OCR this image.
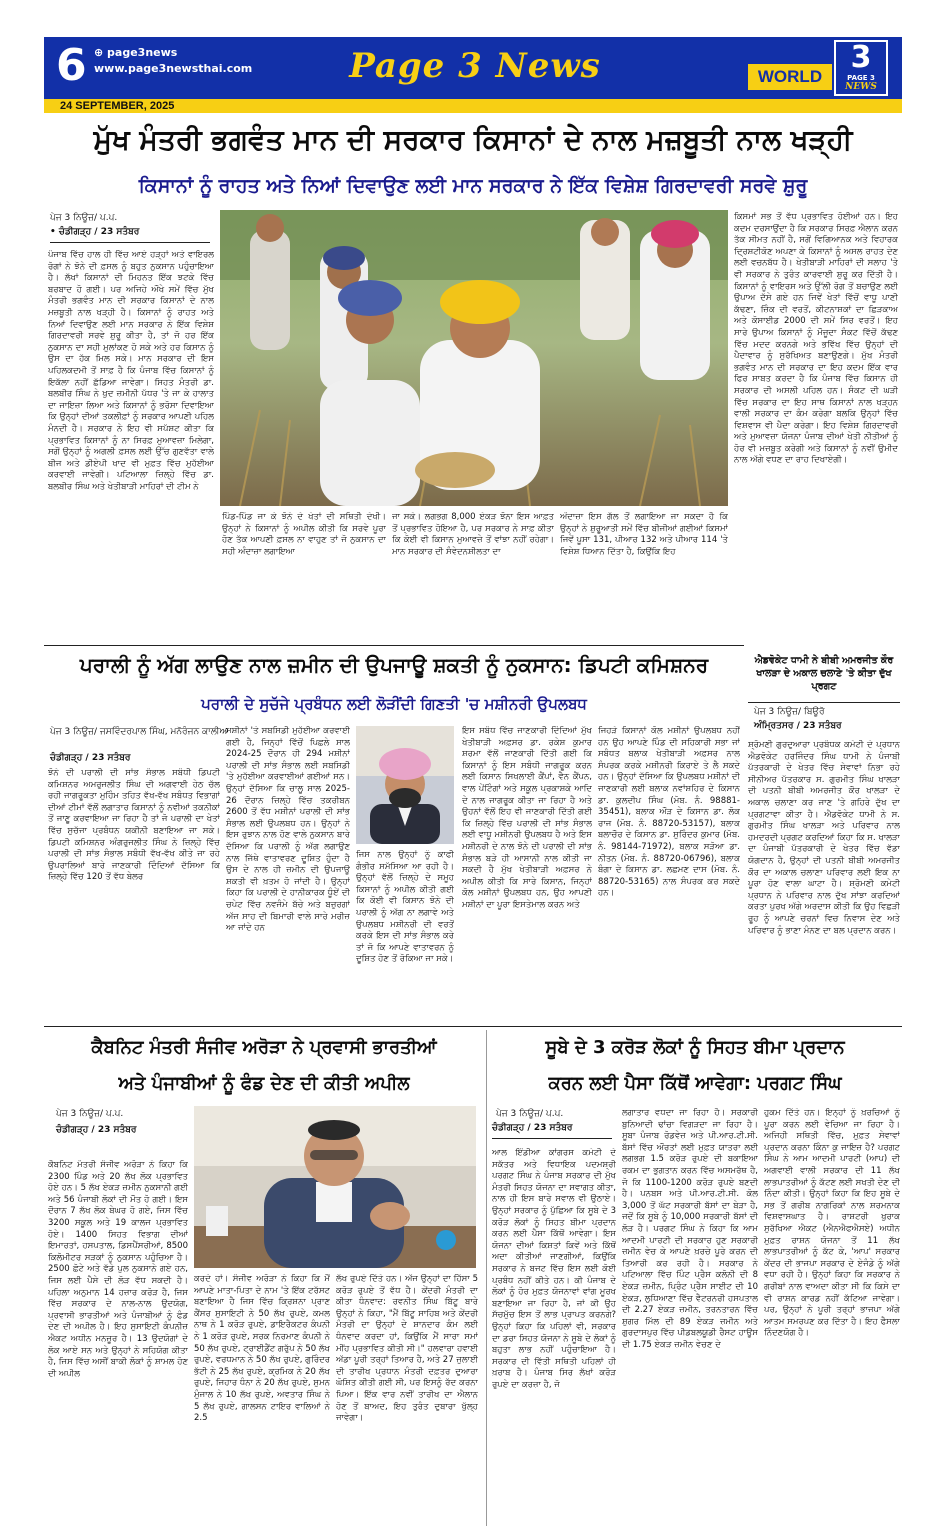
6 ⊕ page3news
www.page3newsthai.com	Page 3 News	WORLD
3
PAGE 3
NEWS
24 SEPTEMBER, 2025
ਮੁੱਖ ਮੰਤਰੀ ਭਗਵੰਤ ਮਾਨ ਦੀ ਸਰਕਾਰ ਕਿਸਾਨਾਂ ਦੇ ਨਾਲ ਮਜ਼ਬੂਤੀ ਨਾਲ ਖੜ੍ਹੀ
ਕਿਸਾਨਾਂ ਨੂੰ ਰਾਹਤ ਅਤੇ ਨਿਆਂ ਦਿਵਾਉਣ ਲਈ ਮਾਨ ਸਰਕਾਰ ਨੇ ਇੱਕ ਵਿਸ਼ੇਸ਼ ਗਿਰਦਾਵਰੀ ਸਰਵੇ ਸ਼ੁਰੂ
ਪੇਜ 3 ਨਿਊਜ਼/ ਪ.ਪ.
• ਚੰਡੀਗੜ੍ਹ / 23 ਸਤੰਬਰ
ਪੰਜਾਬ ਵਿੱਚ ਹਾਲ ਹੀ ਵਿੱਚ ਆਏ ਹੜ੍ਹਾਂ ਅਤੇ ਵਾਇਰਲ ਰੋਗਾਂ ਨੇ ਝੋਨੇ ਦੀ ਫ਼ਸਲ ਨੂੰ ਬਹੁਤ ਨੁਕਸਾਨ ਪਹੁੰਚਾਇਆ ਹੈ। ਲੱਖਾਂ ਕਿਸਾਨਾਂ ਦੀ ਮਿਹਨਤ ਇੱਕ ਝਟਕੇ ਵਿੱਚ ਬਰਬਾਦ ਹੋ ਗਈ। ਪਰ ਅਜਿਹੇ ਔਖੇ ਸਮੇਂ ਵਿੱਚ ਮੁੱਖ ਮੰਤਰੀ ਭਗਵੰਤ ਮਾਨ ਦੀ ਸਰਕਾਰ ਕਿਸਾਨਾਂ ਦੇ ਨਾਲ ਮਜ਼ਬੂਤੀ ਨਾਲ ਖੜ੍ਹੀ ਹੈ। ਕਿਸਾਨਾਂ ਨੂੰ ਰਾਹਤ ਅਤੇ ਨਿਆਂ ਦਿਵਾਉਣ ਲਈ ਮਾਨ ਸਰਕਾਰ ਨੇ ਇੱਕ ਵਿਸ਼ੇਸ਼ ਗਿਰਦਾਵਰੀ ਸਰਵੇ ਸ਼ੁਰੂ ਕੀਤਾ ਹੈ, ਤਾਂ ਜੋ ਹਰ ਇੱਕ ਨੁਕਸਾਨ ਦਾ ਸਹੀ ਮੁਲਾਂਕਣ ਹੋ ਸਕੇ ਅਤੇ ਹਰ ਕਿਸਾਨ ਨੂੰ ਉਸ ਦਾ ਹੱਕ ਮਿਲ ਸਕੇ। ਮਾਨ ਸਰਕਾਰ ਦੀ ਇਸ ਪਹਿਲਕਦਮੀ ਤੋਂ ਸਾਫ਼ ਹੈ ਕਿ ਪੰਜਾਬ ਵਿੱਚ ਕਿਸਾਨਾਂ ਨੂੰ ਇਕੱਲਾ ਨਹੀਂ ਛੱਡਿਆ ਜਾਵੇਗਾ। ਸਿਹਤ ਮੰਤਰੀ ਡਾ. ਬਲਬੀਰ ਸਿੰਘ ਨੇ ਖੁਦ ਜ਼ਮੀਨੀ ਪੱਧਰ 'ਤੇ ਜਾ ਕੇ ਹਾਲਾਤ ਦਾ ਜਾਇਜ਼ਾ ਲਿਆ ਅਤੇ ਕਿਸਾਨਾਂ ਨੂੰ ਭਰੋਸਾ ਦਿਵਾਇਆ ਕਿ ਉਨ੍ਹਾਂ ਦੀਆਂ ਤਕਲੀਫ਼ਾਂ ਨੂੰ ਸਰਕਾਰ ਆਪਣੀ ਪਹਿਲ ਮੰਨਦੀ ਹੈ। ਸਰਕਾਰ ਨੇ ਇਹ ਵੀ ਸਪੱਸ਼ਟ ਕੀਤਾ ਕਿ ਪ੍ਰਭਾਵਿਤ ਕਿਸਾਨਾਂ ਨੂੰ ਨਾ ਸਿਰਫ਼ ਮੁਆਵਜ਼ਾ ਮਿਲੇਗਾ, ਸਗੋਂ ਉਨ੍ਹਾਂ ਨੂੰ ਅਗਲੀ ਫ਼ਸਲ ਲਈ ਉੱਚ ਗੁਣਵੱਤਾ ਵਾਲੇ ਬੀਜ ਅਤੇ ਡੀਏਪੀ ਖਾਦ ਵੀ ਮੁਫ਼ਤ ਵਿੱਚ ਮੁਹੱਈਆ ਕਰਵਾਈ ਜਾਵੇਗੀ। ਪਟਿਆਲਾ ਜ਼ਿਲ੍ਹੇ ਵਿੱਚ ਡਾ. ਬਲਬੀਰ ਸਿੰਘ ਅਤੇ ਖੇਤੀਬਾੜੀ ਮਾਹਿਰਾਂ ਦੀ ਟੀਮ ਨੇ
ਪਿੰਡ-ਪਿੰਡ ਜਾ ਕੇ ਝੋਨੇ ਦੇ ਖੇਤਾਂ ਦੀ ਸਥਿਤੀ ਦੇਖੀ। ਉਨ੍ਹਾਂ ਨੇ ਕਿਸਾਨਾਂ ਨੂੰ ਅਪੀਲ ਕੀਤੀ ਕਿ ਸਰਵੇ ਪੂਰਾ ਹੋਣ ਤੱਕ ਆਪਣੀ ਫ਼ਸਲ ਨਾ ਵਾਹੁਣ ਤਾਂ ਜੋ ਨੁਕਸਾਨ ਦਾ ਸਹੀ ਅੰਦਾਜ਼ਾ ਲਗਾਇਆ
ਜਾ ਸਕੇ। ਲਗਭਗ 8,000 ਏਕੜ ਝੋਨਾ ਇਸ ਆਫ਼ਤ ਤੋਂ ਪ੍ਰਭਾਵਿਤ ਹੋਇਆ ਹੈ, ਪਰ ਸਰਕਾਰ ਨੇ ਸਾਫ਼ ਕੀਤਾ ਕਿ ਕੋਈ ਵੀ ਕਿਸਾਨ ਮੁਆਵਜ਼ੇ ਤੋਂ ਵਾਂਝਾ ਨਹੀਂ ਰਹੇਗਾ। ਮਾਨ ਸਰਕਾਰ ਦੀ ਸੰਵੇਦਨਸ਼ੀਲਤਾ ਦਾ
ਅੰਦਾਜ਼ਾ ਇਸ ਗੱਲ ਤੋਂ ਲਗਾਇਆ ਜਾ ਸਕਦਾ ਹੈ ਕਿ ਉਨ੍ਹਾਂ ਨੇ ਸ਼ੁਰੂਆਤੀ ਸਮੇਂ ਵਿੱਚ ਬੀਜੀਆਂ ਗਈਆਂ ਕਿਸਮਾਂ ਜਿਵੇਂ ਪੂਸਾ 131, ਪੀਆਰ 132 ਅਤੇ ਪੀਆਰ 114 'ਤੇ ਵਿਸ਼ੇਸ਼ ਧਿਆਨ ਦਿੱਤਾ ਹੈ, ਕਿਉਂਕਿ ਇਹ
ਕਿਸਮਾਂ ਸਭ ਤੋਂ ਵੱਧ ਪ੍ਰਭਾਵਿਤ ਹੋਈਆਂ ਹਨ। ਇਹ ਕਦਮ ਦਰਸਾਉਂਦਾ ਹੈ ਕਿ ਸਰਕਾਰ ਸਿਰਫ਼ ਐਲਾਨ ਕਰਨ ਤੱਕ ਸੀਮਤ ਨਹੀਂ ਹੈ, ਸਗੋਂ ਵਿਗਿਆਨਕ ਅਤੇ ਵਿਹਾਰਕ ਦ੍ਰਿਸ਼ਟੀਕੋਣ ਅਪਣਾ ਕੇ ਕਿਸਾਨਾਂ ਨੂੰ ਅਸਲ ਰਾਹਤ ਦੇਣ ਲਈ ਵਚਨਬੱਧ ਹੈ। ਖੇਤੀਬਾੜੀ ਮਾਹਿਰਾਂ ਦੀ ਸਲਾਹ 'ਤੇ ਵੀ ਸਰਕਾਰ ਨੇ ਤੁਰੰਤ ਕਾਰਵਾਈ ਸ਼ੁਰੂ ਕਰ ਦਿੱਤੀ ਹੈ। ਕਿਸਾਨਾਂ ਨੂੰ ਵਾਇਰਸ ਅਤੇ ਉੱਲੀ ਰੋਗ ਤੋਂ ਬਚਾਉਣ ਲਈ ਉਪਾਅ ਦੱਸੇ ਗਏ ਹਨ ਜਿਵੇਂ ਖੇਤਾਂ ਵਿੱਚੋਂ ਵਾਧੂ ਪਾਣੀ ਕੱਢਣਾ, ਜ਼ਿੰਕ ਦੀ ਵਰਤੋਂ, ਕੀਟਨਾਸ਼ਕਾਂ ਦਾ ਛਿੜਕਾਅ ਅਤੇ ਕੋਸਾਈਡ 2000 ਦੀ ਸਮੇਂ ਸਿਰ ਵਰਤੋਂ। ਇਹ ਸਾਰੇ ਉਪਾਅ ਕਿਸਾਨਾਂ ਨੂੰ ਮੌਜੂਦਾ ਸੰਕਟ ਵਿੱਚੋਂ ਕੱਢਣ ਵਿੱਚ ਮਦਦ ਕਰਨਗੇ ਅਤੇ ਭਵਿੱਖ ਵਿੱਚ ਉਨ੍ਹਾਂ ਦੀ ਪੈਦਾਵਾਰ ਨੂੰ ਸੁਰੱਖਿਅਤ ਬਣਾਉਣਗੇ। ਮੁੱਖ ਮੰਤਰੀ ਭਗਵੰਤ ਮਾਨ ਦੀ ਸਰਕਾਰ ਦਾ ਇਹ ਕਦਮ ਇੱਕ ਵਾਰ ਫਿਰ ਸਾਬਤ ਕਰਦਾ ਹੈ ਕਿ ਪੰਜਾਬ ਵਿੱਚ ਕਿਸਾਨ ਹੀ ਸਰਕਾਰ ਦੀ ਅਸਲੀ ਪਹਿਲ ਹਨ। ਸੰਕਟ ਦੀ ਘੜੀ ਵਿੱਚ ਸਰਕਾਰ ਦਾ ਇਹ ਸਾਥ ਕਿਸਾਨਾਂ ਨਾਲ ਖੜ੍ਹਨ ਵਾਲੀ ਸਰਕਾਰ ਦਾ ਕੰਮ ਕਰੇਗਾ ਬਲਕਿ ਉਨ੍ਹਾਂ ਵਿੱਚ ਵਿਸ਼ਵਾਸ ਵੀ ਪੈਦਾ ਕਰੇਗਾ। ਇਹ ਵਿਸ਼ੇਸ਼ ਗਿਰਦਾਵਰੀ ਅਤੇ ਮੁਆਵਜ਼ਾ ਯੋਜਨਾ ਪੰਜਾਬ ਦੀਆਂ ਖੇਤੀ ਨੀਤੀਆਂ ਨੂੰ ਹੋਰ ਵੀ ਮਜ਼ਬੂਤ ਕਰੇਗੀ ਅਤੇ ਕਿਸਾਨਾਂ ਨੂੰ ਨਵੀਂ ਉਮੀਦ ਨਾਲ ਅੱਗੇ ਵਧਣ ਦਾ ਰਾਹ ਦਿਖਾਏਗੀ।
ਪਰਾਲੀ ਨੂੰ ਅੱਗ ਲਾਉਣ ਨਾਲ ਜ਼ਮੀਨ ਦੀ ਉਪਜਾਊ ਸ਼ਕਤੀ ਨੂੰ ਨੁਕਸਾਨ: ਡਿਪਟੀ ਕਮਿਸ਼ਨਰ
ਪਰਾਲੀ ਦੇ ਸੁਚੱਜੇ ਪ੍ਰਬੰਧਨ ਲਈ ਲੋੜੀਂਦੀ ਗਿਣਤੀ 'ਚ ਮਸ਼ੀਨਰੀ ਉਪਲਬਧ
ਪੇਜ 3 ਨਿਊਜ਼/ ਜਸਵਿੰਦਰਪਾਲ ਸਿੰਘ, ਮਨੋਰੰਜਨ ਕਾਲੀਆ
ਚੰਡੀਗੜ੍ਹ / 23 ਸਤੰਬਰ
ਝੋਨੇ ਦੀ ਪਰਾਲੀ ਦੀ ਸਾਂਭ ਸੰਭਾਲ ਸਬੰਧੀ ਡਿਪਟੀ ਕਮਿਸ਼ਨਰ ਅਮਰੁਜਲੀਤ ਸਿੰਘ ਦੀ ਅਗਵਾਈ ਹੇਠ ਚੱਲ ਰਹੀ ਜਾਗਰੂਕਤਾ ਮੁਹਿੰਮ ਤਹਿਤ ਵੱਖ-ਵੱਖ ਸਬੰਧਤ ਵਿਭਾਗਾਂ ਦੀਆਂ ਟੀਮਾਂ ਵੱਲੋਂ ਲਗਾਤਾਰ ਕਿਸਾਨਾਂ ਨੂੰ ਨਵੀਆਂ ਤਕਨੀਕਾਂ ਤੋਂ ਜਾਣੂ ਕਰਵਾਇਆ ਜਾ ਰਿਹਾ ਹੈ ਤਾਂ ਜੋ ਪਰਾਲੀ ਦਾ ਖੇਤਾਂ ਵਿੱਚ ਸੁਚੱਜਾ ਪ੍ਰਬੰਧਨ ਯਕੀਨੀ ਬਣਾਇਆ ਜਾ ਸਕੇ। ਡਿਪਟੀ ਕਮਿਸ਼ਨਰ ਅੰਗਰੁਜਲੀਤ ਸਿੰਘ ਨੇ ਜ਼ਿਲ੍ਹੇ ਵਿੱਚ ਪਰਾਲੀ ਦੀ ਸਾਂਭ ਸੰਭਾਲ ਸਬੰਧੀ ਵੱਖ-ਵੱਖ ਕੀਤੇ ਜਾ ਰਹੇ ਉਪਰਾਲਿਆਂ ਬਾਰੇ ਜਾਣਕਾਰੀ ਦਿੰਦਿਆਂ ਦੱਸਿਆ ਕਿ ਜ਼ਿਲ੍ਹੇ ਵਿੱਚ 120 ਤੋਂ ਵੱਧ ਬੇਲਰ
ਮਸ਼ੀਨਾਂ 'ਤੇ ਸਬਸਿਡੀ ਮੁਹੱਈਆ ਕਰਵਾਈ ਗਈ ਹੈ, ਜਿਨ੍ਹਾਂ ਵਿੱਚੋਂ ਪਿਛਲੇ ਸਾਲ 2024-25 ਦੌਰਾਨ ਹੀ 294 ਮਸ਼ੀਨਾਂ ਪਰਾਲੀ ਦੀ ਸਾਂਭ ਸੰਭਾਲ ਲਈ ਸਬਸਿਡੀ 'ਤੇ ਮੁਹੱਈਆ ਕਰਵਾਈਆਂ ਗਈਆਂ ਸਨ। ਉਨ੍ਹਾਂ ਦੱਸਿਆ ਕਿ ਚਾਲੂ ਸਾਲ 2025-26 ਦੌਰਾਨ ਜ਼ਿਲ੍ਹੇ ਵਿੱਚ ਤਕਰੀਬਨ 2600 ਤੋਂ ਵੱਧ ਮਸ਼ੀਨਾਂ ਪਰਾਲੀ ਦੀ ਸਾਂਭ ਸੰਭਾਲ ਲਈ ਉਪਲਬਧ ਹਨ। ਉਨ੍ਹਾਂ ਨੇ ਇਸ ਰੁਝਾਨ ਨਾਲ ਹੋਣ ਵਾਲੇ ਨੁਕਸਾਨ ਬਾਰੇ ਦੱਸਿਆ ਕਿ ਪਰਾਲੀ ਨੂੰ ਅੱਗ ਲਗਾਉਣ ਨਾਲ ਜਿੱਥੇ ਵਾਤਾਵਰਣ ਦੂਸ਼ਿਤ ਹੁੰਦਾ ਹੈ ਉਸ ਦੇ ਨਾਲ ਹੀ ਜ਼ਮੀਨ ਦੀ ਉਪਜਾਊ ਸ਼ਕਤੀ ਵੀ ਖ਼ਤਮ ਹੋ ਜਾਂਦੀ ਹੈ। ਉਨ੍ਹਾਂ ਕਿਹਾ ਕਿ ਪਰਾਲੀ ਦੇ ਹਾਨੀਕਾਰਕ ਧੂੰਏਂ ਦੀ ਚਪੇਟ ਵਿੱਚ ਨਵਜੰਮੇ ਬੱਚੇ ਅਤੇ ਬਜ਼ੁਰਗਾਂ ਅੱਜ ਸਾਹ ਦੀ ਬਿਮਾਰੀ ਵਾਲੇ ਸਾਰੇ ਮਰੀਜ਼ ਆ ਜਾਂਦੇ ਹਨ
ਜਿਸ ਨਾਲ ਉਨ੍ਹਾਂ ਨੂੰ ਕਾਫੀ ਗੰਭੀਰ ਸਮੱਸਿਆ ਆ ਰਹੀ ਹੈ। ਉਨ੍ਹਾਂ ਵੱਲੋਂ ਜ਼ਿਲ੍ਹੇ ਦੇ ਸਮੂਹ ਕਿਸਾਨਾਂ ਨੂੰ ਅਪੀਲ ਕੀਤੀ ਗਈ ਕਿ ਕੋਈ ਵੀ ਕਿਸਾਨ ਝੋਨੇ ਦੀ ਪਰਾਲੀ ਨੂੰ ਅੱਗ ਨਾ ਲਗਾਵੇ ਅਤੇ ਉਪਲਬਧ ਮਸ਼ੀਨਰੀ ਦੀ ਵਰਤੋਂ ਕਰਕੇ ਇਸ ਦੀ ਸਾਂਭ ਸੰਭਾਲ ਕਰੇ ਤਾਂ ਜੋ ਕਿ ਆਪਣੇ ਵਾਤਾਵਰਨ ਨੂੰ ਦੂਸ਼ਿਤ ਹੋਣ ਤੋਂ ਰੋਕਿਆ ਜਾ ਸਕੇ।
ਇਸ ਸਬੰਧ ਵਿੱਚ ਜਾਣਕਾਰੀ ਦਿੰਦਿਆਂ ਮੁੱਖ ਖੇਤੀਬਾੜੀ ਅਫ਼ਸਰ ਡਾ. ਰਕੇਸ਼ ਕੁਮਾਰ ਸ਼ਰਮਾ ਵੱਲੋਂ ਜਾਣਕਾਰੀ ਦਿੱਤੀ ਗਈ ਕਿ ਕਿਸਾਨਾਂ ਨੂੰ ਇਸ ਸਬੰਧੀ ਜਾਗਰੂਕ ਕਰਨ ਲਈ ਕਿਸਾਨ ਸਿਖਲਾਈ ਕੈਂਪਾਂ, ਵੈਨ ਕੈਂਪਨ, ਵਾਲ ਪੇਂਟਿੰਗਾਂ ਅਤੇ ਸਕੂਲ ਪ੍ਰਕਾਸ਼ਕੇ ਆਦਿ ਦੇ ਨਾਲ ਜਾਗਰੂਕ ਕੀਤਾ ਜਾ ਰਿਹਾ ਹੈ ਅਤੇ ਉਹਨਾਂ ਵੱਲੋਂ ਇਹ ਵੀ ਜਾਣਕਾਰੀ ਦਿੱਤੀ ਗਈ ਕਿ ਜ਼ਿਲ੍ਹੇ ਵਿੱਚ ਪਰਾਲੀ ਦੀ ਸਾਂਭ ਸੰਭਾਲ ਲਈ ਵਾਧੂ ਮਸ਼ੀਨਰੀ ਉਪਲਬਧ ਹੈ ਅਤੇ ਇਸ ਮਸ਼ੀਨਰੀ ਦੇ ਨਾਲ ਝੋਨੇ ਦੀ ਪਰਾਲੀ ਦੀ ਸਾਂਭ ਸੰਭਾਲ ਬੜੇ ਹੀ ਆਸਾਨੀ ਨਾਲ ਕੀਤੀ ਜਾ ਸਕਦੀ ਹੈ ਮੁੱਖ ਖੇਤੀਬਾੜੀ ਅਫ਼ਸਰ ਨੇ ਅਪੀਲ ਕੀਤੀ ਕਿ ਸਾਰੇ ਕਿਸਾਨ, ਜਿਨ੍ਹਾਂ ਕੋਲ ਮਸ਼ੀਨਾਂ ਉਪਲਬਧ ਹਨ, ਉਹ ਆਪਣੀ ਮਸ਼ੀਨਾਂ ਦਾ ਪੂਰਾ ਇਸਤੇਮਾਲ ਕਰਨ ਅਤੇ
ਜਿਹੜੇ ਕਿਸਾਨਾਂ ਕੋਲ ਮਸ਼ੀਨਾਂ ਉਪਲਬਧ ਨਹੀਂ ਹਨ ਉਹ ਆਪਣੇ ਪਿੰਡ ਦੀ ਸਹਿਕਾਰੀ ਸਭਾ ਜਾਂ ਸਬੰਧਤ ਬਲਾਕ ਖੇਤੀਬਾੜੀ ਅਫ਼ਸਰ ਨਾਲ ਸੰਪਰਕ ਕਰਕੇ ਮਸ਼ੀਨਰੀ ਕਿਰਾਏ ਤੇ ਲੈ ਸਕਦੇ ਹਨ। ਉਨ੍ਹਾਂ ਦੱਸਿਆ ਕਿ ਉਪਲਬਧ ਮਸ਼ੀਨਾਂ ਦੀ ਜਾਣਕਾਰੀ ਲਈ ਬਲਾਕ ਨਵਾਂਸ਼ਹਿਰ ਦੇ ਕਿਸਾਨ ਡਾ. ਕੁਲਦੀਪ ਸਿੰਘ (ਮੋਬ. ਨੰ. 98881-35451), ਬਲਾਕ ਔੜ ਦੇ ਕਿਸਾਨ ਡਾ. ਲੋਕ ਰਾਜ (ਮੋਬ. ਨੰ. 88720-53157), ਬਲਾਕ ਬਲਾਚੌਰ ਦੇ ਕਿਸਾਨ ਡਾ. ਸੁਰਿੰਦਰ ਕੁਮਾਰ (ਮੋਬ. ਨੰ. 98144-71972), ਬਲਾਕ ਸੜੋਆ ਡਾ. ਨੀਤਨ (ਮੋਬ. ਨੰ. 88720-06796), ਬਲਾਕ ਬੰਗਾ ਦੇ ਕਿਸਾਨ ਡਾ. ਲਛਮਣ ਦਾਸ (ਮੋਬ. ਨੰ. 88720-53165) ਨਾਲ ਸੰਪਰਕ ਕਰ ਸਕਦੇ ਹਨ।
ਐਡਵੋਕੇਟ ਧਾਮੀ ਨੇ ਬੀਬੀ ਅਮਰਜੀਤ ਕੌਰ ਖਾਲੜਾ ਦੇ ਅਕਾਲ ਚਲਾਣੇ 'ਤੇ ਕੀਤਾ ਦੁੱਖ ਪ੍ਰਗਟ
ਪੇਜ 3 ਨਿਊਜ਼/ ਬਿਊਰੋ
ਅੰਮ੍ਰਿਤਸਰ / 23 ਸਤੰਬਰ
ਸ਼੍ਰੋਮਣੀ ਗੁਰਦੁਆਰਾ ਪ੍ਰਬੰਧਕ ਕਮੇਟੀ ਦੇ ਪ੍ਰਧਾਨ ਐਡਵੋਕੇਟ ਹਰਜਿੰਦਰ ਸਿੰਘ ਧਾਮੀ ਨੇ ਪੰਜਾਬੀ ਪੱਤਰਕਾਰੀ ਦੇ ਖੇਤਰ ਵਿੱਚ ਸੇਵਾਵਾਂ ਨਿਭਾ ਰਹੇ ਸੀਨੀਅਰ ਪੱਤਰਕਾਰ ਸ. ਗੁਰਮੀਤ ਸਿੰਘ ਖਾਲੜਾ ਦੀ ਪਤਨੀ ਬੀਬੀ ਅਮਰਜੀਤ ਕੌਰ ਖਾਲੜਾ ਦੇ ਅਕਾਲ ਚਲਾਣਾ ਕਰ ਜਾਣ 'ਤੇ ਗਹਿਰੇ ਦੁੱਖ ਦਾ ਪ੍ਰਗਟਾਵਾ ਕੀਤਾ ਹੈ। ਐਡਵੋਕੇਟ ਧਾਮੀ ਨੇ ਸ. ਗੁਰਮੀਤ ਸਿੰਘ ਖਾਲੜਾ ਅਤੇ ਪਰਿਵਾਰ ਨਾਲ ਹਮਦਰਦੀ ਪ੍ਰਗਟ ਕਰਦਿਆਂ ਕਿਹਾ ਕਿ ਸ. ਖਾਲੜਾ ਦਾ ਪੰਜਾਬੀ ਪੱਤਰਕਾਰੀ ਦੇ ਖੇਤਰ ਵਿੱਚ ਵੱਡਾ ਯੋਗਦਾਨ ਹੈ, ਉਨ੍ਹਾਂ ਦੀ ਪਤਨੀ ਬੀਬੀ ਅਮਰਜੀਤ ਕੌਰ ਦਾ ਅਕਾਲ ਚਲਾਣਾ ਪਰਿਵਾਰ ਲਈ ਇਕ ਨਾ ਪੂਰਾ ਹੋਣ ਵਾਲਾ ਘਾਟਾ ਹੈ। ਸ਼੍ਰੋਮਣੀ ਕਮੇਟੀ ਪ੍ਰਧਾਨ ਨੇ ਪਰਿਵਾਰ ਨਾਲ ਦੁੱਖ ਸਾਂਝਾ ਕਰਦਿਆਂ ਕਰਤਾ ਪੁਰਖ ਅੱਗੇ ਅਰਦਾਸ ਕੀਤੀ ਕਿ ਉਹ ਵਿਛੜੀ ਰੂਹ ਨੂੰ ਆਪਣੇ ਚਰਨਾਂ ਵਿਚ ਨਿਵਾਸ ਦੇਣ ਅਤੇ ਪਰਿਵਾਰ ਨੂੰ ਭਾਣਾ ਮੰਨਣ ਦਾ ਬਲ ਪ੍ਰਦਾਨ ਕਰਨ।
ਕੈਬਨਿਟ ਮੰਤਰੀ ਸੰਜੀਵ ਅਰੋੜਾ ਨੇ ਪ੍ਰਵਾਸੀ ਭਾਰਤੀਆਂ
ਅਤੇ ਪੰਜਾਬੀਆਂ ਨੂੰ ਫੰਡ ਦੇਣ ਦੀ ਕੀਤੀ ਅਪੀਲ
ਪੇਜ 3 ਨਿਊਜ਼/ ਪ.ਪ.
ਚੰਡੀਗੜ੍ਹ / 23 ਸਤੰਬਰ
ਕੈਬਨਿਟ ਮੰਤਰੀ ਸੰਜੀਵ ਅਰੋੜਾ ਨੇ ਕਿਹਾ ਕਿ 2300 ਪਿੰਡ ਅਤੇ 20 ਲੱਖ ਲੋਕ ਪ੍ਰਭਾਵਿਤ ਹੋਏ ਹਨ। 5 ਲੱਖ ਏਕੜ ਜ਼ਮੀਨ ਨੁਕਸਾਨੀ ਗਈ ਅਤੇ 56 ਪੰਜਾਬੀ ਲੋਕਾਂ ਦੀ ਮੌਤ ਹੋ ਗਈ। ਇਸ ਦੌਰਾਨ 7 ਲੱਖ ਲੋਕ ਬੇਘਰ ਹੋ ਗਏ, ਜਿਸ ਵਿੱਚ 3200 ਸਕੂਲ ਅਤੇ 19 ਕਾਲਜ ਪ੍ਰਭਾਵਿਤ ਹੋਏ। 1400 ਸਿਹਤ ਵਿਭਾਗ ਦੀਆਂ ਇਮਾਰਤਾਂ, ਹਸਪਤਾਲ, ਡਿਸਪੈਂਸਰੀਆਂ, 8500 ਕਿਲੋਮੀਟਰ ਸੜਕਾਂ ਨੂੰ ਨੁਕਸਾਨ ਪਹੁੰਚਿਆ ਹੈ। 2500 ਛੋਟੇ ਅਤੇ ਵੱਡੇ ਪੁਲ ਨੁਕਸਾਨੇ ਗਏ ਹਨ, ਜਿਸ ਲਈ ਪੈਸੇ ਦੀ ਲੋੜ ਵੱਧ ਸਕਦੀ ਹੈ। ਪਹਿਲਾ ਅਨੁਮਾਨ 14 ਹਜ਼ਾਰ ਕਰੋੜ ਹੈ, ਜਿਸ ਵਿੱਚ ਸਰਕਾਰ ਦੇ ਨਾਲ-ਨਾਲ ਉਦਯੋਗ, ਪ੍ਰਵਾਸੀ ਭਾਰਤੀਆਂ ਅਤੇ ਪੰਜਾਬੀਆਂ ਨੂੰ ਫੰਡ ਦੇਣ ਦੀ ਅਪੀਲ ਹੈ। ਇਹ ਸੁਸਾਇਟੀ ਕੰਪਨੀਜ਼ ਐਕਟ ਅਧੀਨ ਮਨਜ਼ੂਰ ਹੈ। 13 ਉਦਯੋਗਾਂ ਦੇ ਲੋਕ ਆਏ ਸਨ ਅਤੇ ਉਨ੍ਹਾਂ ਨੇ ਸਹਿਯੋਗ ਕੀਤਾ ਹੈ, ਜਿਸ ਵਿੱਚ ਅਸੀਂ ਬਾਕੀ ਲੋਕਾਂ ਨੂੰ ਸ਼ਾਮਲ ਹੋਣ ਦੀ ਅਪੀਲ
ਕਰਦੇ ਹਾਂ। ਸੰਜੀਵ ਅਰੋੜਾ ਨੇ ਕਿਹਾ ਕਿ ਮੈਂ ਆਪਣੇ ਮਾਤਾ-ਪਿਤਾ ਦੇ ਨਾਮ 'ਤੇ ਇੱਕ ਟਰੱਸਟ ਬਣਾਇਆ ਹੈ ਜਿਸ ਵਿੱਚ ਕ੍ਰਿਸ਼ਨਾ ਪ੍ਰਾਣ ਕੈਂਸਰ ਸੁਸਾਇਟੀ ਨੇ 50 ਲੱਖ ਰੁਪਏ, ਕਮਲ ਨਾਥ ਨੇ 1 ਕਰੋੜ ਰੁਪਏ, ਡਾਇਰੈਕਟਰ ਕੰਪਨੀ ਨੇ 1 ਕਰੋੜ ਰੁਪਏ, ਸਰਕ ਨਿਰਮਾਣ ਕੰਪਨੀ ਨੇ 50 ਲੱਖ ਰੁਪਏ, ਟ੍ਰਾਈਡੈਂਟ ਗਰੁੱਪ ਨੇ 50 ਲੱਖ ਰੁਪਏ, ਵਰਧਮਾਨ ਨੇ 50 ਲੱਖ ਰੁਪਏ, ਗੁਰਿੰਦਰ ਭੱਟੀ ਨੇ 25 ਲੱਖ ਰੁਪਏ, ਕ੍ਰਮਿਕ ਨੇ 20 ਲੱਖ ਰੁਪਏ, ਜਿਹਾਰ ਧੰਨਾ ਨੇ 20 ਲੱਖ ਰੁਪਏ, ਸੁਮਨ ਮੁੰਜਾਲ ਨੇ 10 ਲੱਖ ਰੁਪਏ, ਅਵਤਾਰ ਸਿੰਘ ਨੇ 5 ਲੱਖ ਰੁਪਏ, ਗਾਲਸਨ ਟਾਇਰ ਵਾਲਿਆਂ ਨੇ 2.5
ਲੱਖ ਰੁਪਏ ਦਿੱਤੇ ਹਨ। ਅੱਜ ਉਨ੍ਹਾਂ ਦਾ ਹਿੱਸਾ 5 ਕਰੋੜ ਰੁਪਏ ਤੋਂ ਵੱਧ ਹੈ। ਕੇਂਦਰੀ ਮੰਤਰੀ ਦਾ ਕੀਤਾ ਧੰਨਵਾਦ: ਰਵਨੀਤ ਸਿੰਘ ਬਿੱਟੂ ਬਾਰੇ ਉਨ੍ਹਾਂ ਨੇ ਕਿਹਾ, "ਮੈਂ ਬਿੱਟੂ ਸਾਹਿਬ ਅਤੇ ਕੇਂਦਰੀ ਮੰਤਰੀ ਦਾ ਉਨ੍ਹਾਂ ਦੇ ਸ਼ਾਨਦਾਰ ਕੰਮ ਲਈ ਧੰਨਵਾਦ ਕਰਦਾ ਹਾਂ, ਕਿਉਂਕਿ ਮੈਂ ਸਾਰਾ ਸਮਾਂ ਮੀਂਹ ਪ੍ਰਭਾਵਿਤ ਕੀਤੀ ਸੀ।" ਹਲਵਾਰਾ ਹਵਾਈ ਅੱਡਾ ਪੂਰੀ ਤਰ੍ਹਾਂ ਤਿਆਰ ਹੈ, ਅਤੇ 27 ਜੁਲਾਈ ਦੀ ਤਾਰੀਖ ਪ੍ਰਧਾਨ ਮੰਤਰੀ ਦਫ਼ਤਰ ਦੁਆਰਾ ਘੋਸ਼ਿਤ ਕੀਤੀ ਗਈ ਸੀ, ਪਰ ਇਸਨੂੰ ਰੱਦ ਕਰਨਾ ਪਿਆ। ਇੱਕ ਵਾਰ ਨਵੀਂ ਤਾਰੀਖ ਦਾ ਐਲਾਨ ਹੋਣ ਤੋਂ ਬਾਅਦ, ਇਹ ਤੁਰੰਤ ਦੁਬਾਰਾ ਖੁੱਲ੍ਹ ਜਾਵੇਗਾ।
ਸੂਬੇ ਦੇ 3 ਕਰੋੜ ਲੋਕਾਂ ਨੂੰ ਸਿਹਤ ਬੀਮਾ ਪ੍ਰਦਾਨ
ਕਰਨ ਲਈ ਪੈਸਾ ਕਿੱਥੋਂ ਆਵੇਗਾ: ਪਰਗਟ ਸਿੰਘ
ਪੇਜ 3 ਨਿਊਜ਼/ ਪ.ਪ.
ਚੰਡੀਗੜ੍ਹ / 23 ਸਤੰਬਰ
ਆਲ ਇੰਡੀਆ ਕਾਂਗਰਸ ਕਮੇਟੀ ਦੇ ਸਕੱਤਰ ਅਤੇ ਵਿਧਾਇਕ ਪਦਮਸ਼੍ਰੀ ਪਰਗਟ ਸਿੰਘ ਨੇ ਪੰਜਾਬ ਸਰਕਾਰ ਦੀ ਮੁੱਖ ਮੰਤਰੀ ਸਿਹਤ ਯੋਜਨਾ ਦਾ ਸਵਾਗਤ ਕੀਤਾ, ਨਾਲ ਹੀ ਇਸ ਬਾਰੇ ਸਵਾਲ ਵੀ ਉਠਾਏ। ਉਨ੍ਹਾਂ ਸਰਕਾਰ ਨੂੰ ਪੁੱਛਿਆ ਕਿ ਸੂਬੇ ਦੇ 3 ਕਰੋੜ ਲੋਕਾਂ ਨੂੰ ਸਿਹਤ ਬੀਮਾ ਪ੍ਰਦਾਨ ਕਰਨ ਲਈ ਪੈਸਾ ਕਿੱਥੋਂ ਆਵੇਗਾ। ਇਸ ਯੋਜਨਾ ਦੀਆਂ ਕਿਸ਼ਤਾਂ ਕਿਵੇਂ ਅਤੇ ਕਿੱਥੋਂ ਅਦਾ ਕੀਤੀਆਂ ਜਾਣਗੀਆਂ, ਕਿਉਂਕਿ ਸਰਕਾਰ ਨੇ ਬਜਟ ਵਿੱਚ ਇਸ ਲਈ ਕੋਈ ਪ੍ਰਬੰਧ ਨਹੀਂ ਕੀਤੇ ਹਨ। ਕੀ ਪੰਜਾਬ ਦੇ ਲੋਕਾਂ ਨੂੰ ਹੋਰ ਮੁਫ਼ਤ ਯੋਜਨਾਵਾਂ ਵਾਂਗ ਮੂਰਖ ਬਣਾਇਆ ਜਾ ਰਿਹਾ ਹੈ, ਜਾਂ ਕੀ ਉਹ ਸੱਚਮੁੱਚ ਇਸ ਤੋਂ ਲਾਭ ਪ੍ਰਾਪਤ ਕਰਨਗੇ? ਉਨ੍ਹਾਂ ਕਿਹਾ ਕਿ ਪਹਿਲਾਂ ਵੀ, ਸਰਕਾਰ ਦਾ ਡਰਾ ਸਿਹਤ ਯੋਜਨਾ ਨੇ ਸੂਬੇ ਦੇ ਲੋਕਾਂ ਨੂੰ ਬਹੁਤਾ ਲਾਭ ਨਹੀਂ ਪਹੁੰਚਾਇਆ ਹੈ। ਸਰਕਾਰ ਦੀ ਵਿੱਤੀ ਸਥਿਤੀ ਪਹਿਲਾਂ ਹੀ ਖ਼ਰਾਬ ਹੈ। ਪੰਜਾਬ ਸਿਰ ਲੱਖਾਂ ਕਰੋੜ ਰੁਪਏ ਦਾ ਕਰਜ਼ਾ ਹੈ, ਜੋ
ਲਗਾਤਾਰ ਵਧਦਾ ਜਾ ਰਿਹਾ ਹੈ। ਸਰਕਾਰੀ ਬੁਨਿਆਦੀ ਢਾਂਚਾ ਵਿਗੜਦਾ ਜਾ ਰਿਹਾ ਹੈ। ਸੂਬਾ ਪੰਜਾਬ ਰੋਡਵੇਜ਼ ਅਤੇ ਪੀ.ਆਰ.ਟੀ.ਸੀ. ਬੱਸਾਂ ਵਿੱਚ ਔਰਤਾਂ ਲਈ ਮੁਫ਼ਤ ਯਾਤਰਾ ਲਈ ਲਗਭਗ 1.5 ਕਰੋੜ ਰੁਪਏ ਦੀ ਬਕਾਇਆ ਰਕਮ ਦਾ ਭੁਗਤਾਨ ਕਰਨ ਵਿੱਚ ਅਸਮਰੱਥ ਹੈ, ਜੋ ਕਿ 1100-1200 ਕਰੋੜ ਰੁਪਏ ਬਣਦੀ ਹੈ। ਪਨਬਸ ਅਤੇ ਪੀ.ਆਰ.ਟੀ.ਸੀ. ਕੋਲ 3,000 ਤੋਂ ਘੱਟ ਸਰਕਾਰੀ ਬੱਸਾਂ ਦਾ ਬੇੜਾ ਹੈ, ਜਦੋਂ ਕਿ ਸੂਬੇ ਨੂੰ 10,000 ਸਰਕਾਰੀ ਬੱਸਾਂ ਦੀ ਲੋੜ ਹੈ। ਪਰਗਟ ਸਿੰਘ ਨੇ ਕਿਹਾ ਕਿ ਆਮ ਆਦਮੀ ਪਾਰਟੀ ਦੀ ਸਰਕਾਰ ਹੁਣ ਸਰਕਾਰੀ ਜ਼ਮੀਨ ਵੇਚ ਕੇ ਆਪਣੇ ਖ਼ਰਚੇ ਪੂਰੇ ਕਰਨ ਦੀ ਤਿਆਰੀ ਕਰ ਰਹੀ ਹੈ। ਸਰਕਾਰ ਨੇ ਪਟਿਆਲਾ ਵਿੱਚ ਪਿੰਟ ਪ੍ਰੈਸ ਕਲੋਨੀ ਦੀ 8 ਏਕੜ ਜ਼ਮੀਨ, ਪ੍ਰਿੰਟ ਪ੍ਰੈਸ ਸਾਈਟ ਦੀ 10 ਏਕੜ, ਲੁਧਿਆਣਾ ਵਿੱਚ ਵੈਟਰਨਰੀ ਹਸਪਤਾਲ ਦੀ 2.27 ਏਕੜ ਜ਼ਮੀਨ, ਤਰਨਤਾਰਨ ਵਿੱਚ ਸ਼ੁਗਰ ਮਿੱਲ ਦੀ 89 ਏਕੜ ਜ਼ਮੀਨ ਅਤੇ ਗੁਰਦਾਸਪੁਰ ਵਿੱਚ ਪੀਡਬਲਯੂਡੀ ਰੈਸਟ ਹਾਊਸ ਦੀ 1.75 ਏਕੜ ਜ਼ਮੀਨ ਵੇਚਣ ਦੇ
ਹੁਕਮ ਦਿੱਤੇ ਹਨ। ਇਨ੍ਹਾਂ ਨੂੰ ਖ਼ਰਚਿਆਂ ਨੂੰ ਪੂਰਾ ਕਰਨ ਲਈ ਵੇਚਿਆ ਜਾ ਰਿਹਾ ਹੈ। ਅਜਿਹੀ ਸਥਿਤੀ ਵਿੱਚ, ਮੁਫ਼ਤ ਸੇਵਾਵਾਂ ਪ੍ਰਦਾਨ ਕਰਨਾ ਕਿੰਨਾ ਕੁ ਜਾਇਜ਼ ਹੈ? ਪਰਗਟ ਸਿੰਘ ਨੇ ਆਮ ਆਦਮੀ ਪਾਰਟੀ (ਆਪ) ਦੀ ਅਗਵਾਈ ਵਾਲੀ ਸਰਕਾਰ ਦੀ 11 ਲੱਖ ਲਾਭਪਾਤਰੀਆਂ ਨੂੰ ਕੱਟਣ ਲਈ ਸਖਤੀ ਦੇਣ ਦੀ ਨਿੰਦਾ ਕੀਤੀ। ਉਨ੍ਹਾਂ ਕਿਹਾ ਕਿ ਇਹ ਸੂਬੇ ਦੇ ਸਭ ਤੋਂ ਗਰੀਬ ਨਾਗਰਿਕਾਂ ਨਾਲ ਸ਼ਰਮਨਾਕ ਵਿਸ਼ਵਾਸਘਾਤ ਹੈ। ਰਾਸ਼ਟਰੀ ਖੁਰਾਕ ਸੁਰੱਖਿਆ ਐਕਟ (ਐਨਐਫਐਸਏ) ਅਧੀਨ ਮੁਫ਼ਤ ਰਾਸ਼ਨ ਯੋਜਨਾ ਤੋਂ 11 ਲੱਖ ਲਾਭਪਾਤਰੀਆਂ ਨੂੰ ਕੱਟ ਕੇ, 'ਆਪ' ਸਰਕਾਰ ਕੇਂਦਰ ਦੀ ਭਾਜਪਾ ਸਰਕਾਰ ਦੇ ਏਜੰਡੇ ਨੂੰ ਅੱਗੇ ਵਧਾ ਰਹੀ ਹੈ। ਉਨ੍ਹਾਂ ਕਿਹਾ ਕਿ ਸਰਕਾਰ ਨੇ ਗਰੀਬਾਂ ਨਾਲ ਵਾਅਦਾ ਕੀਤਾ ਸੀ ਕਿ ਕਿਸੇ ਦਾ ਵੀ ਰਾਸ਼ਨ ਕਾਰਡ ਨਹੀਂ ਕੱਟਿਆ ਜਾਵੇਗਾ। ਪਰ, ਉਨ੍ਹਾਂ ਨੇ ਪੂਰੀ ਤਰ੍ਹਾਂ ਭਾਜਪਾ ਅੱਗੇ ਆਤਮ ਸਮਰਪਣ ਕਰ ਦਿੱਤਾ ਹੈ। ਇਹ ਫੈਸਲਾ ਨਿੰਦਣਯੋਗ ਹੈ।
